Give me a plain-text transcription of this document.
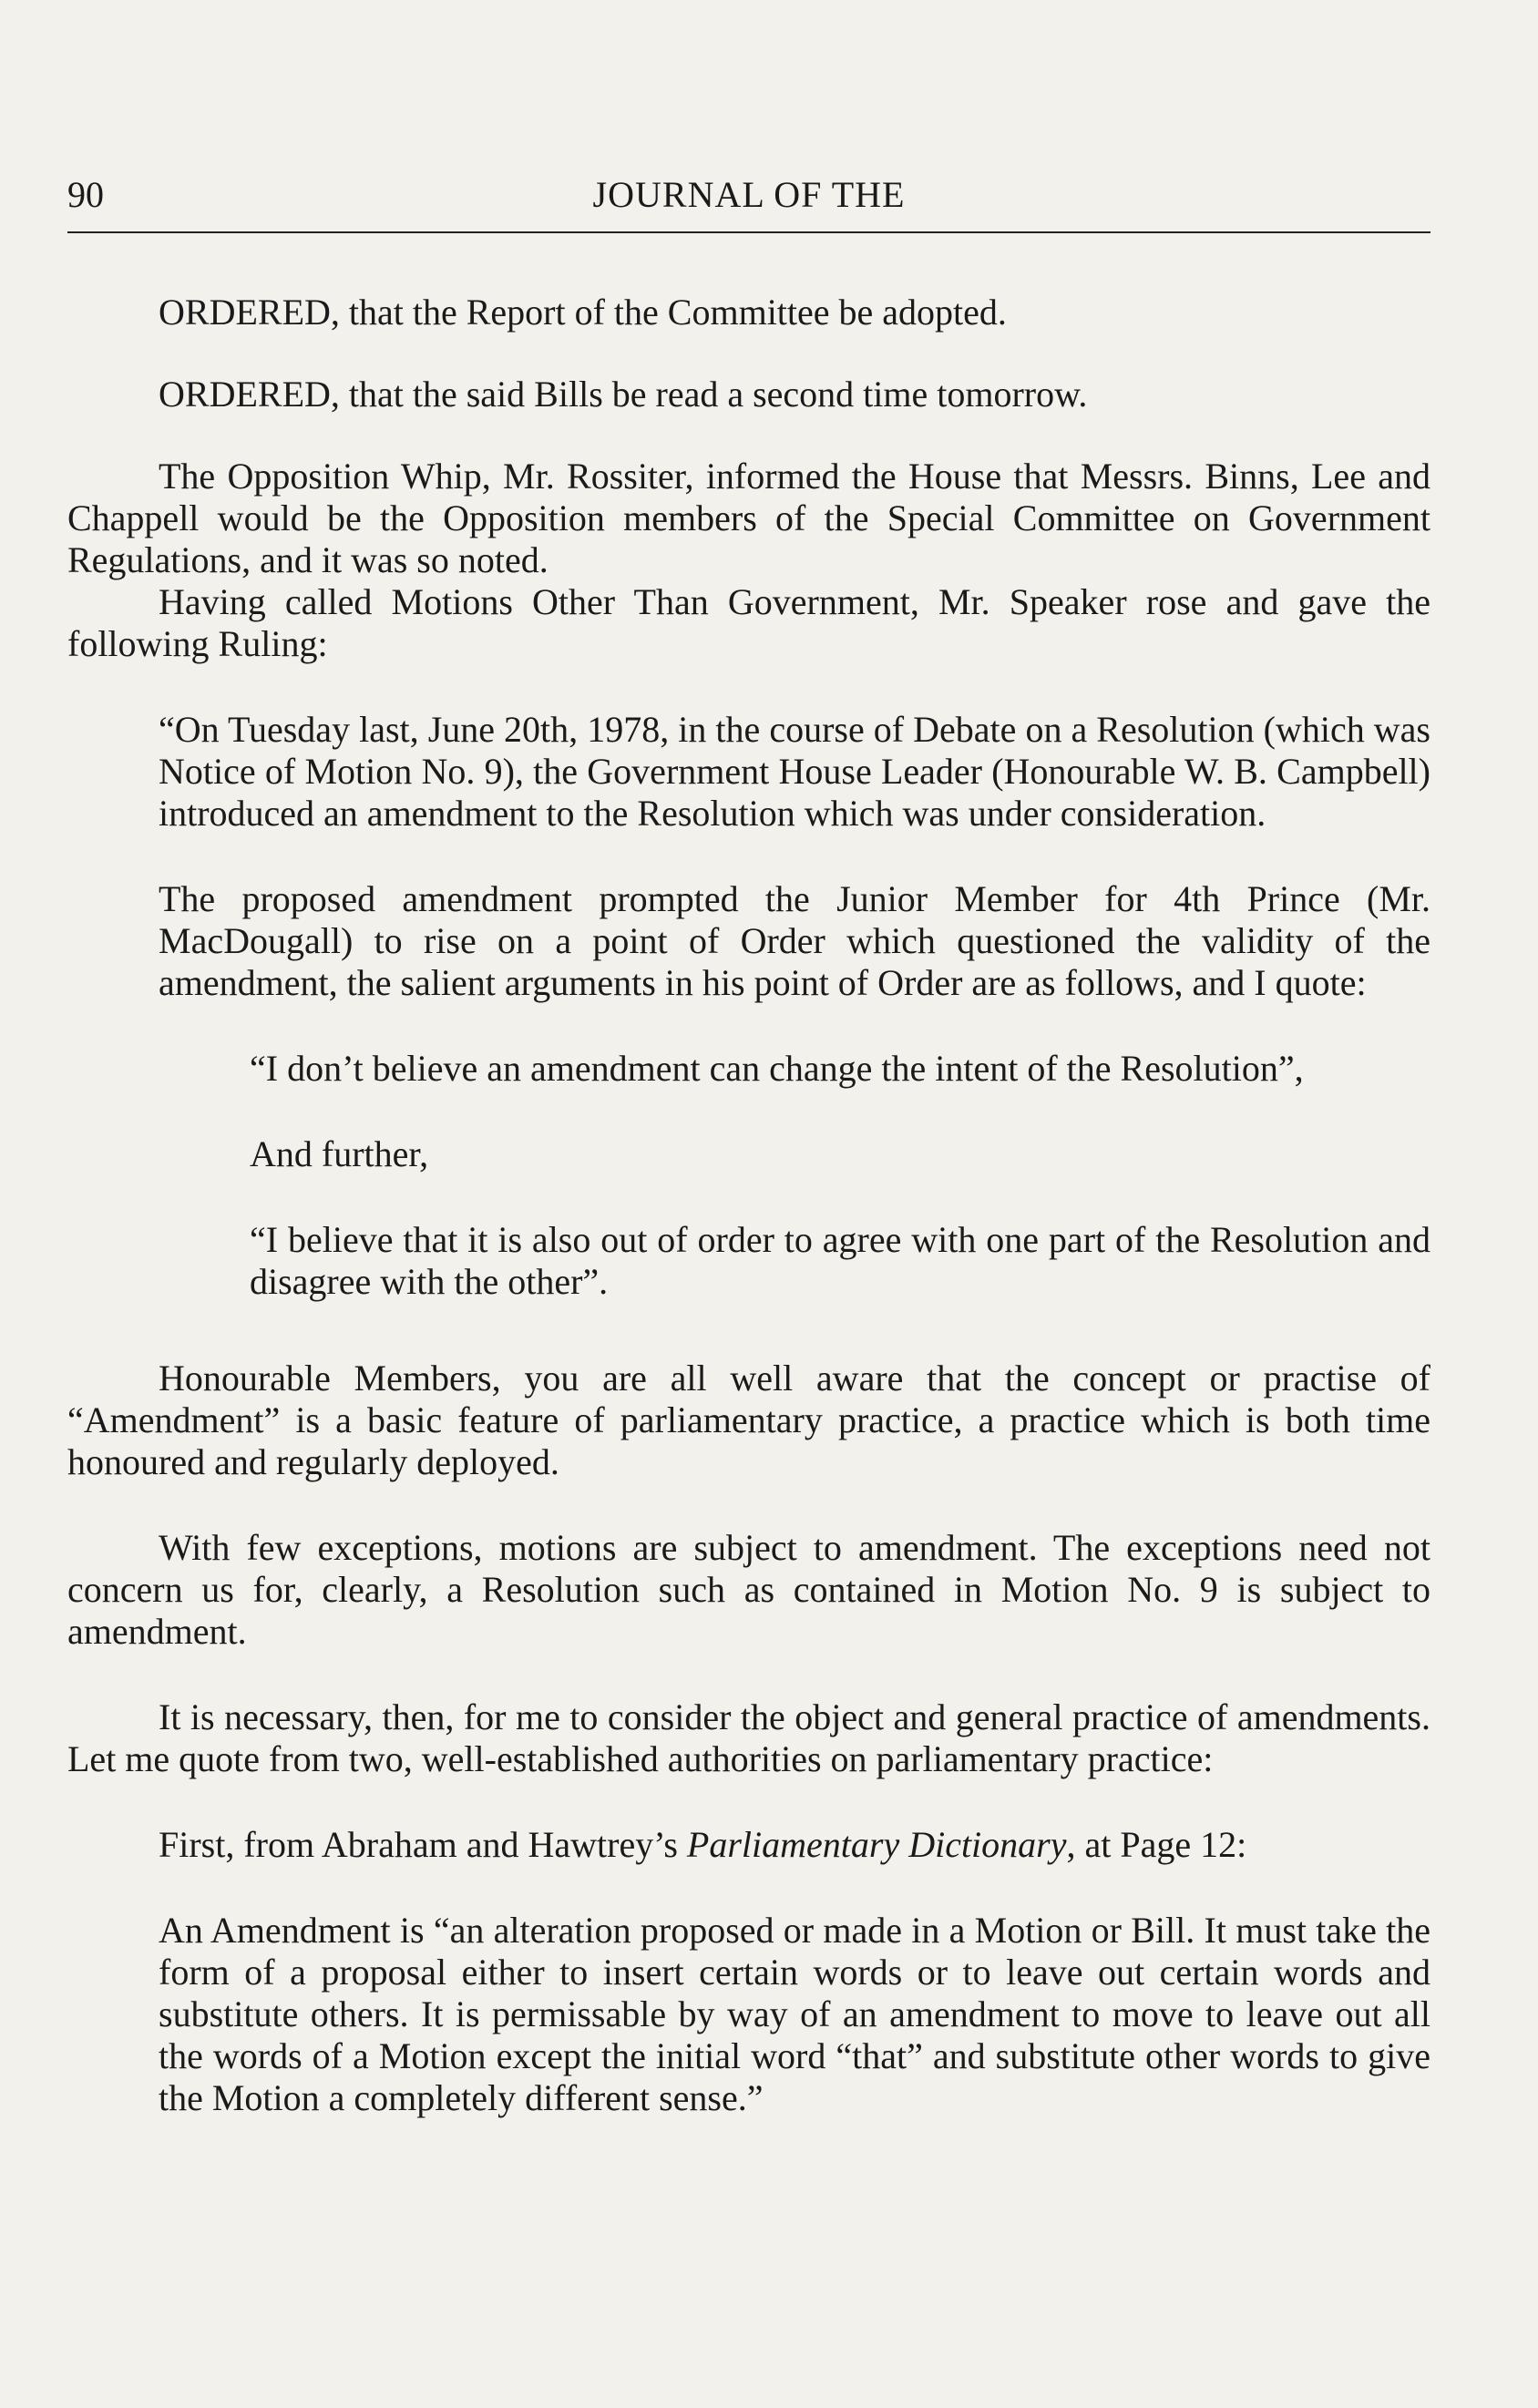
90	JOURNAL OF THE

ORDERED, that the Report of the Committee be adopted.

ORDERED, that the said Bills be read a second time tomorrow.

The Opposition Whip, Mr. Rossiter, informed the House that Messrs. Binns, Lee and Chappell would be the Opposition members of the Special Committee on Government Regulations, and it was so noted.

Having called Motions Other Than Government, Mr. Speaker rose and gave the following Ruling:

“On Tuesday last, June 20th, 1978, in the course of Debate on a Resolution (which was Notice of Motion No. 9), the Government House Leader (Honourable W. B. Campbell) introduced an amendment to the Resolution which was under consideration.

The proposed amendment prompted the Junior Member for 4th Prince (Mr. MacDougall) to rise on a point of Order which questioned the validity of the amendment, the salient arguments in his point of Order are as follows, and I quote:

“I don’t believe an amendment can change the intent of the Resolution”,

And further,

“I believe that it is also out of order to agree with one part of the Resolution and disagree with the other”.

Honourable Members, you are all well aware that the concept or practise of “Amendment” is a basic feature of parliamentary practice, a practice which is both time honoured and regularly deployed.

With few exceptions, motions are subject to amendment. The exceptions need not concern us for, clearly, a Resolution such as contained in Motion No. 9 is subject to amendment.

It is necessary, then, for me to consider the object and general practice of amendments. Let me quote from two, well-established authorities on parliamentary practice:

First, from Abraham and Hawtrey’s Parliamentary Dictionary, at Page 12:

An Amendment is “an alteration proposed or made in a Motion or Bill. It must take the form of a proposal either to insert certain words or to leave out certain words and substitute others. It is permissable by way of an amendment to move to leave out all the words of a Motion except the initial word “that” and substitute other words to give the Motion a completely different sense.”
